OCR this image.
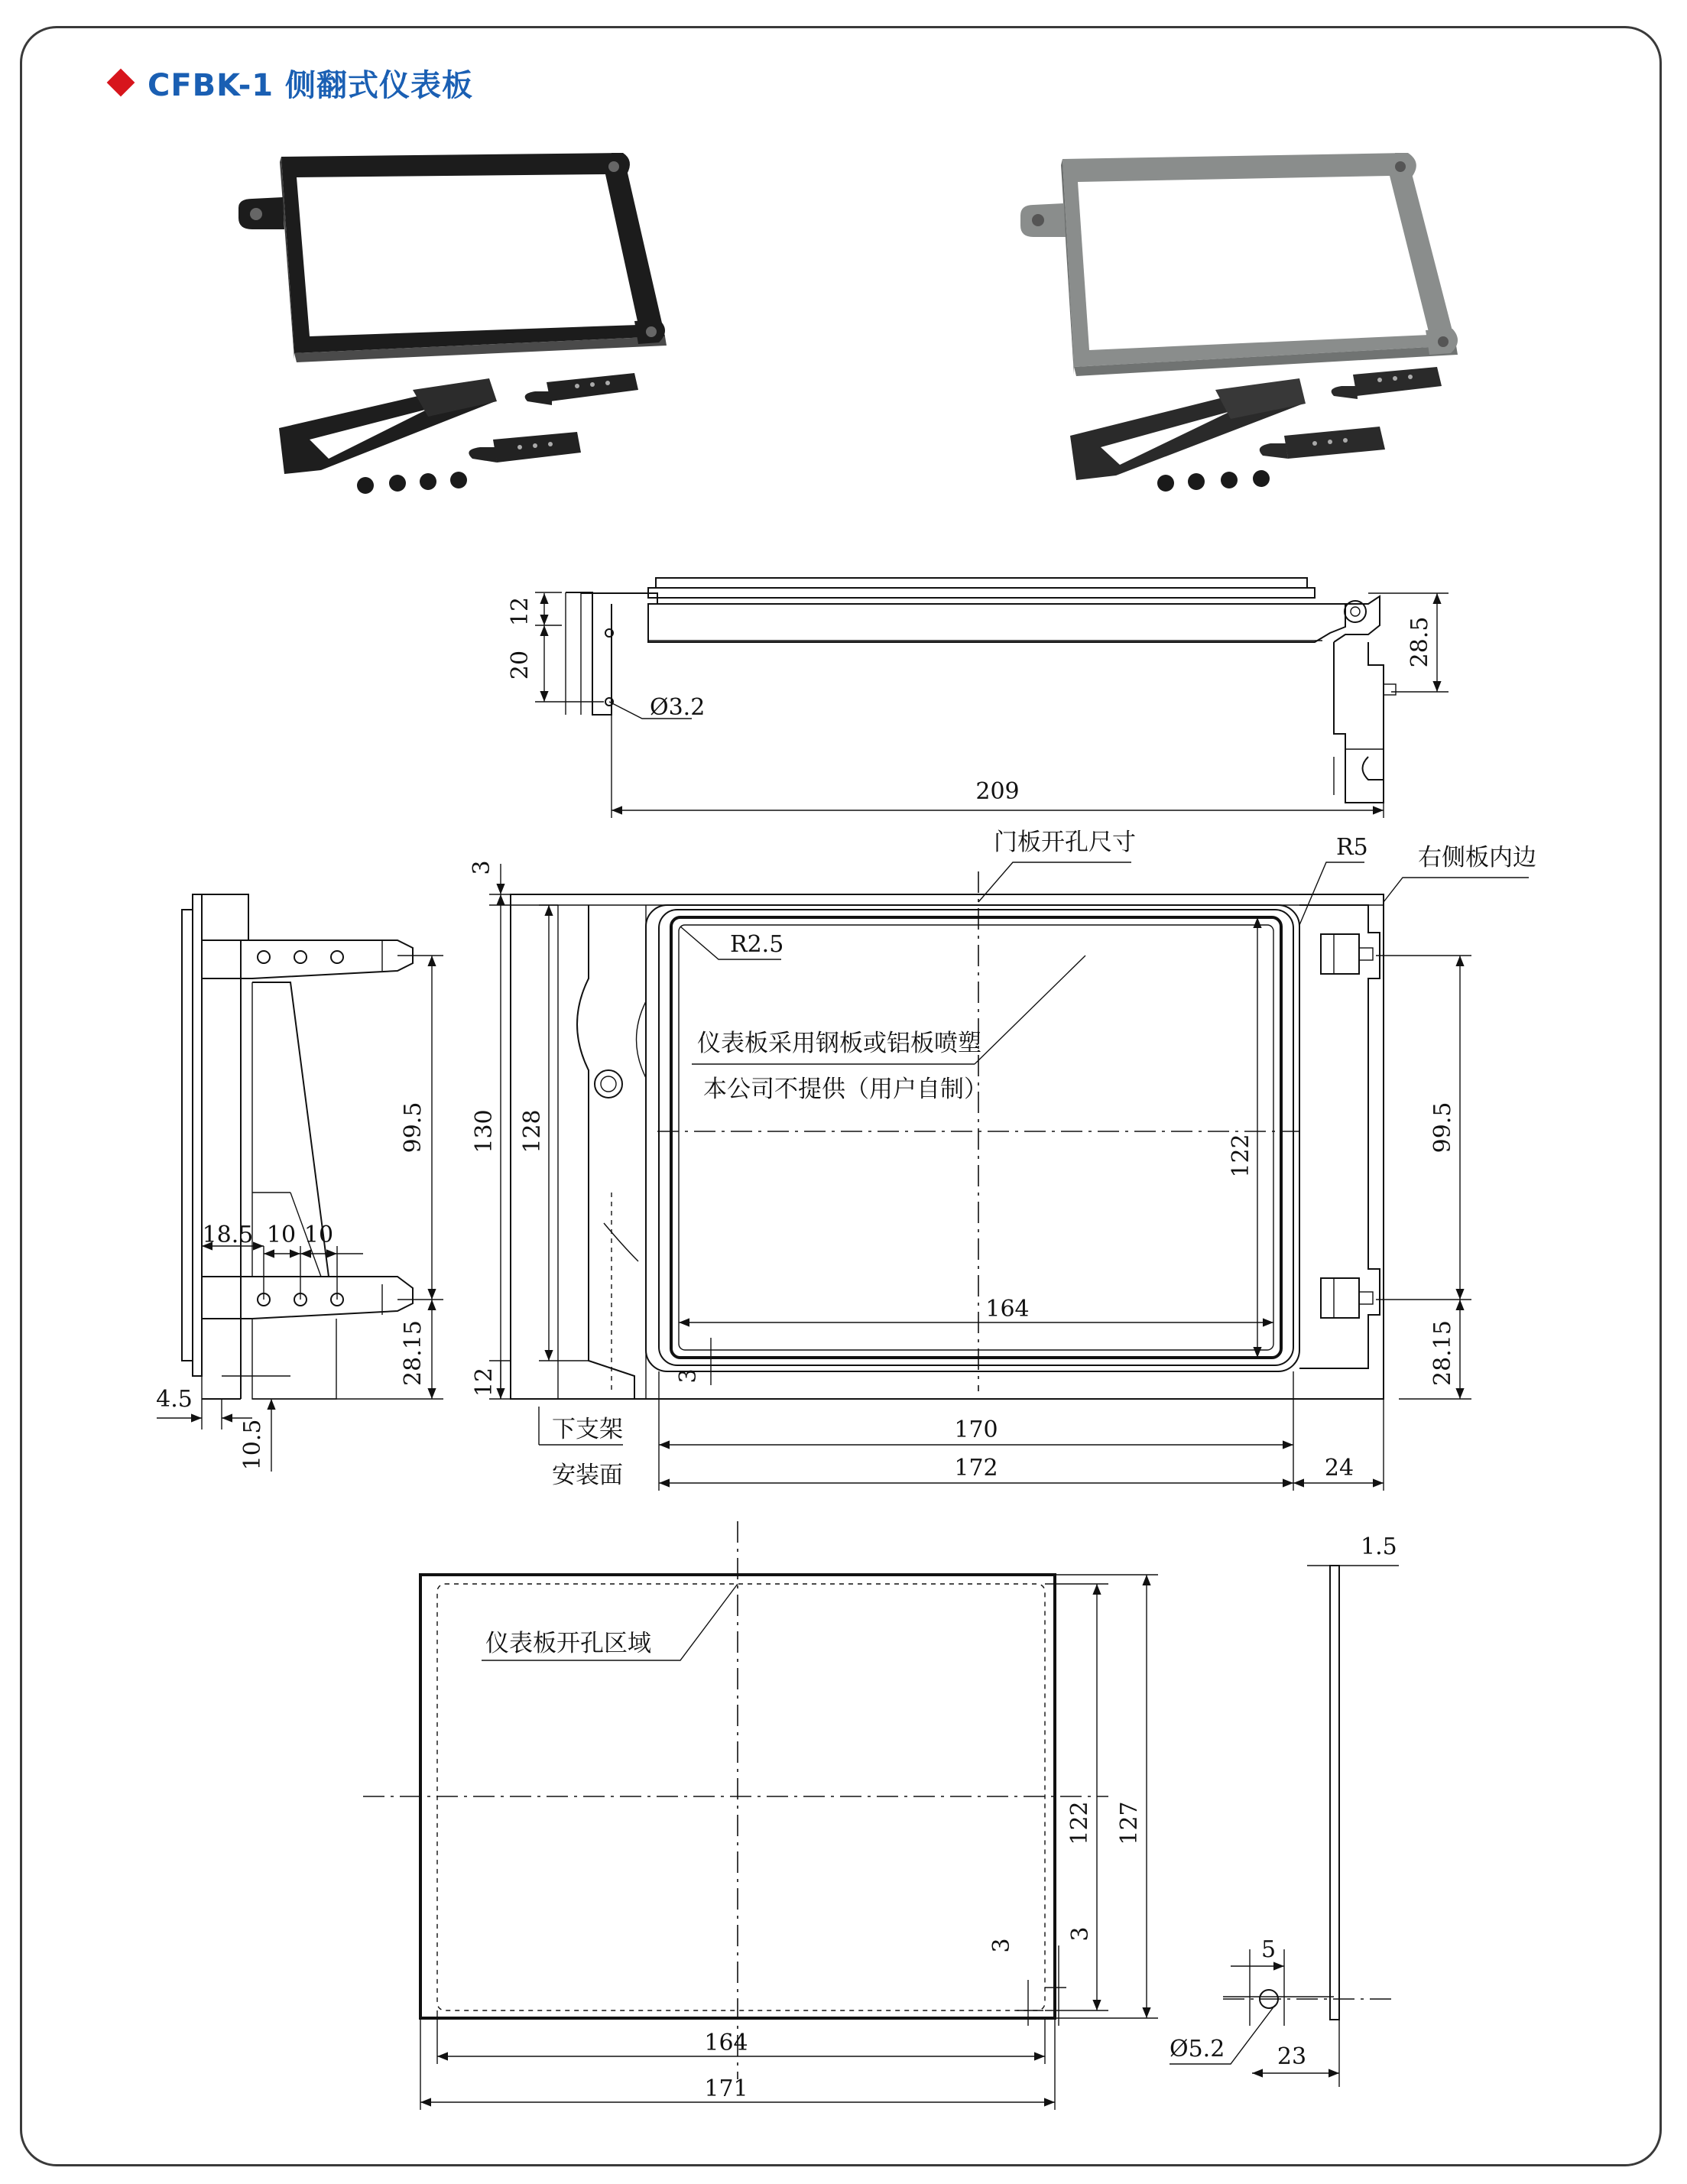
CFBK-1 侧翻式仪表板
12
20	28.5
Ø3.2
209
99.5
28.15
18.5 10 10
4.5
10.5
3
130 128
12
122
164
3
99.5
28.15
170
172	24
门板开孔尺寸	R5 右侧板内边
R2.5
仪表板采用钢板或铝板喷塑
本公司不提供（用户自制）
下支架
安装面
仪表板开孔区域
122 127
3
3
164
171
1.5
5
Ø5.2 23
